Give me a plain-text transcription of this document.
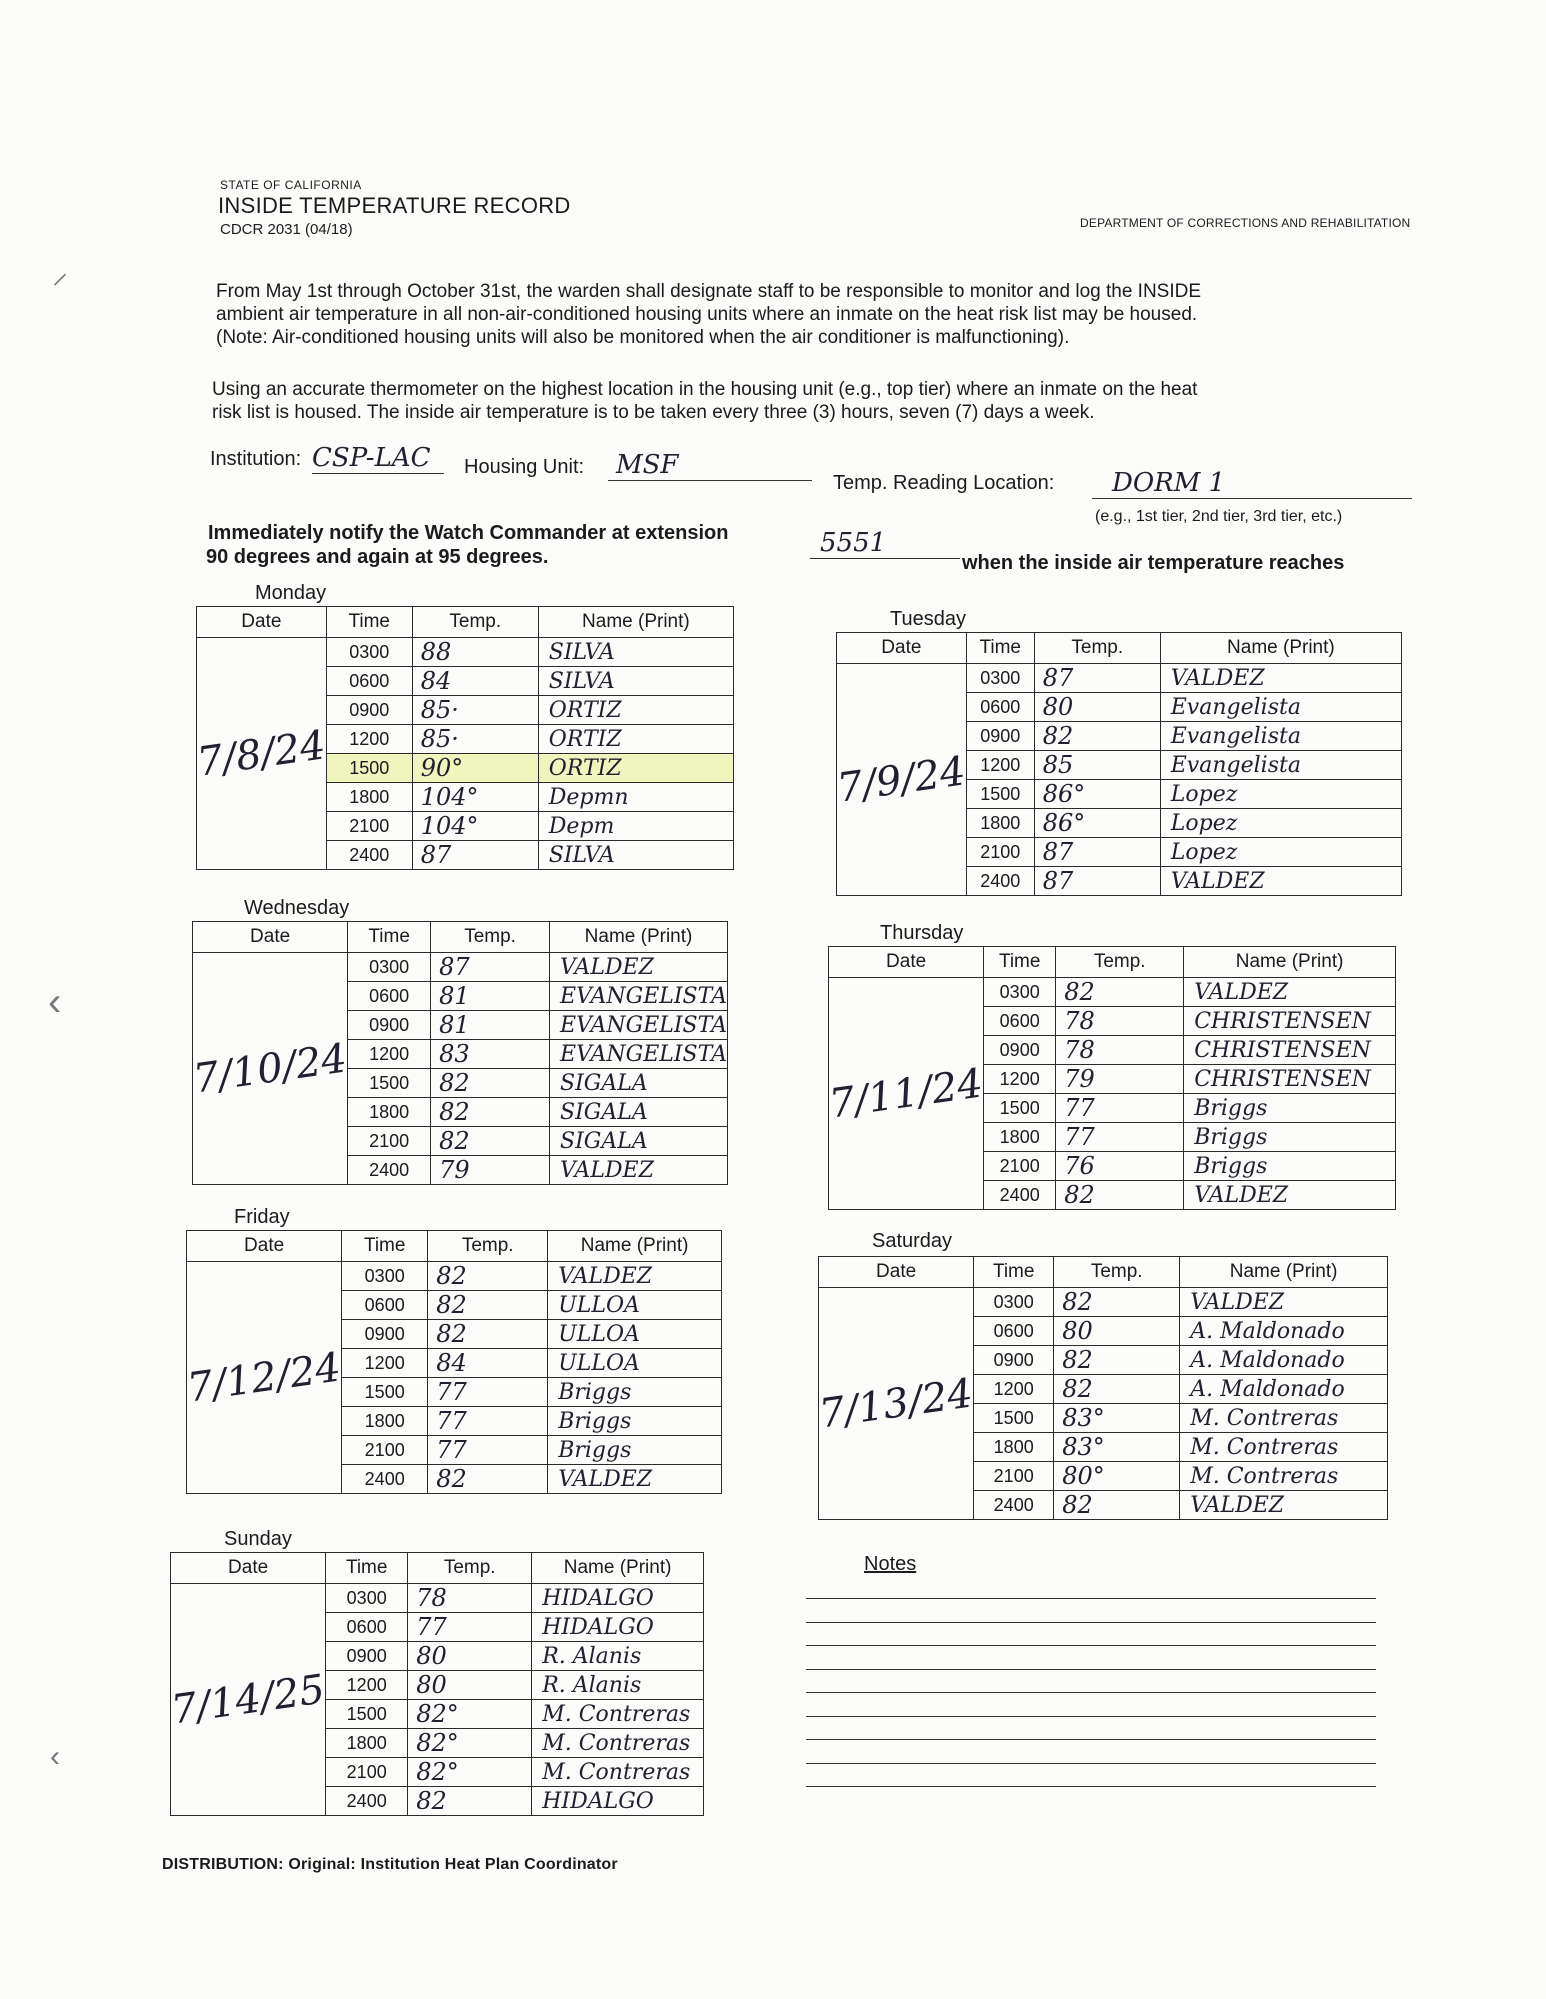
STATE OF CALIFORNIA
INSIDE TEMPERATURE RECORD
CDCR 2031 (04/18)	DEPARTMENT OF CORRECTIONS AND REHABILITATION
From May 1st through October 31st, the warden shall designate staff to be responsible to monitor and log the INSIDE
ambient air temperature in all non-air-conditioned housing units where an inmate on the heat risk list may be housed.
(Note: Air-conditioned housing units will also be monitored when the air conditioner is malfunctioning).
Using an accurate thermometer on the highest location in the housing unit (e.g., top tier) where an inmate on the heat
risk list is housed. The inside air temperature is to be taken every three (3) hours, seven (7) days a week.
Institution: CSP-LAC	Housing Unit:	MSF
Temp. Reading Location:	DORM 1
(e.g., 1st tier, 2nd tier, 3rd tier, etc.)
Immediately notify the Watch Commander at extension	5551
when the inside air temperature reaches
90 degrees and again at 95 degrees.
Monday
Date	Time	Temp.	Name (Print)
7/8/24	0300	88	SILVA
	0600	84	SILVA
	0900	85·	ORTIZ
	1200	85·	ORTIZ
	1500	90°	ORTIZ
	1800	104°	Depmn
	2100	104°	Depm
	2400	87	SILVA
Tuesday
Date	Time	Temp.	Name (Print)
7/9/24	0300	87	VALDEZ
	0600	80	Evangelista
	0900	82	Evangelista
	1200	85	Evangelista
	1500	86°	Lopez
	1800	86°	Lopez
	2100	87	Lopez
	2400	87	VALDEZ
Wednesday
Date	Time	Temp.	Name (Print)
7/10/24	0300	87	VALDEZ
	0600	81	EVANGELISTA
	0900	81	EVANGELISTA
	1200	83	EVANGELISTA
	1500	82	SIGALA
	1800	82	SIGALA
	2100	82	SIGALA
	2400	79	VALDEZ
Thursday
Date	Time	Temp.	Name (Print)
7/11/24	0300	82	VALDEZ
	0600	78	CHRISTENSEN
	0900	78	CHRISTENSEN
	1200	79	CHRISTENSEN
	1500	77	Briggs
	1800	77	Briggs
	2100	76	Briggs
	2400	82	VALDEZ
Friday
Date	Time	Temp.	Name (Print)
7/12/24	0300	82	VALDEZ
	0600	82	ULLOA
	0900	82	ULLOA
	1200	84	ULLOA
	1500	77	Briggs
	1800	77	Briggs
	2100	77	Briggs
	2400	82	VALDEZ
Saturday
Date	Time	Temp.	Name (Print)
7/13/24	0300	82	VALDEZ
	0600	80	A. Maldonado
	0900	82	A. Maldonado
	1200	82	A. Maldonado
	1500	83°	M. Contreras
	1800	83°	M. Contreras
	2100	80°	M. Contreras
	2400	82	VALDEZ
Sunday
Date	Time	Temp.	Name (Print)
7/14/25	0300	78	HIDALGO
	0600	77	HIDALGO
	0900	80	R. Alanis
	1200	80	R. Alanis
	1500	82°	M. Contreras
	1800	82°	M. Contreras
	2100	82°	M. Contreras
	2400	82	HIDALGO
Notes
DISTRIBUTION: Original: Institution Heat Plan Coordinator
⸝
‹
‹
